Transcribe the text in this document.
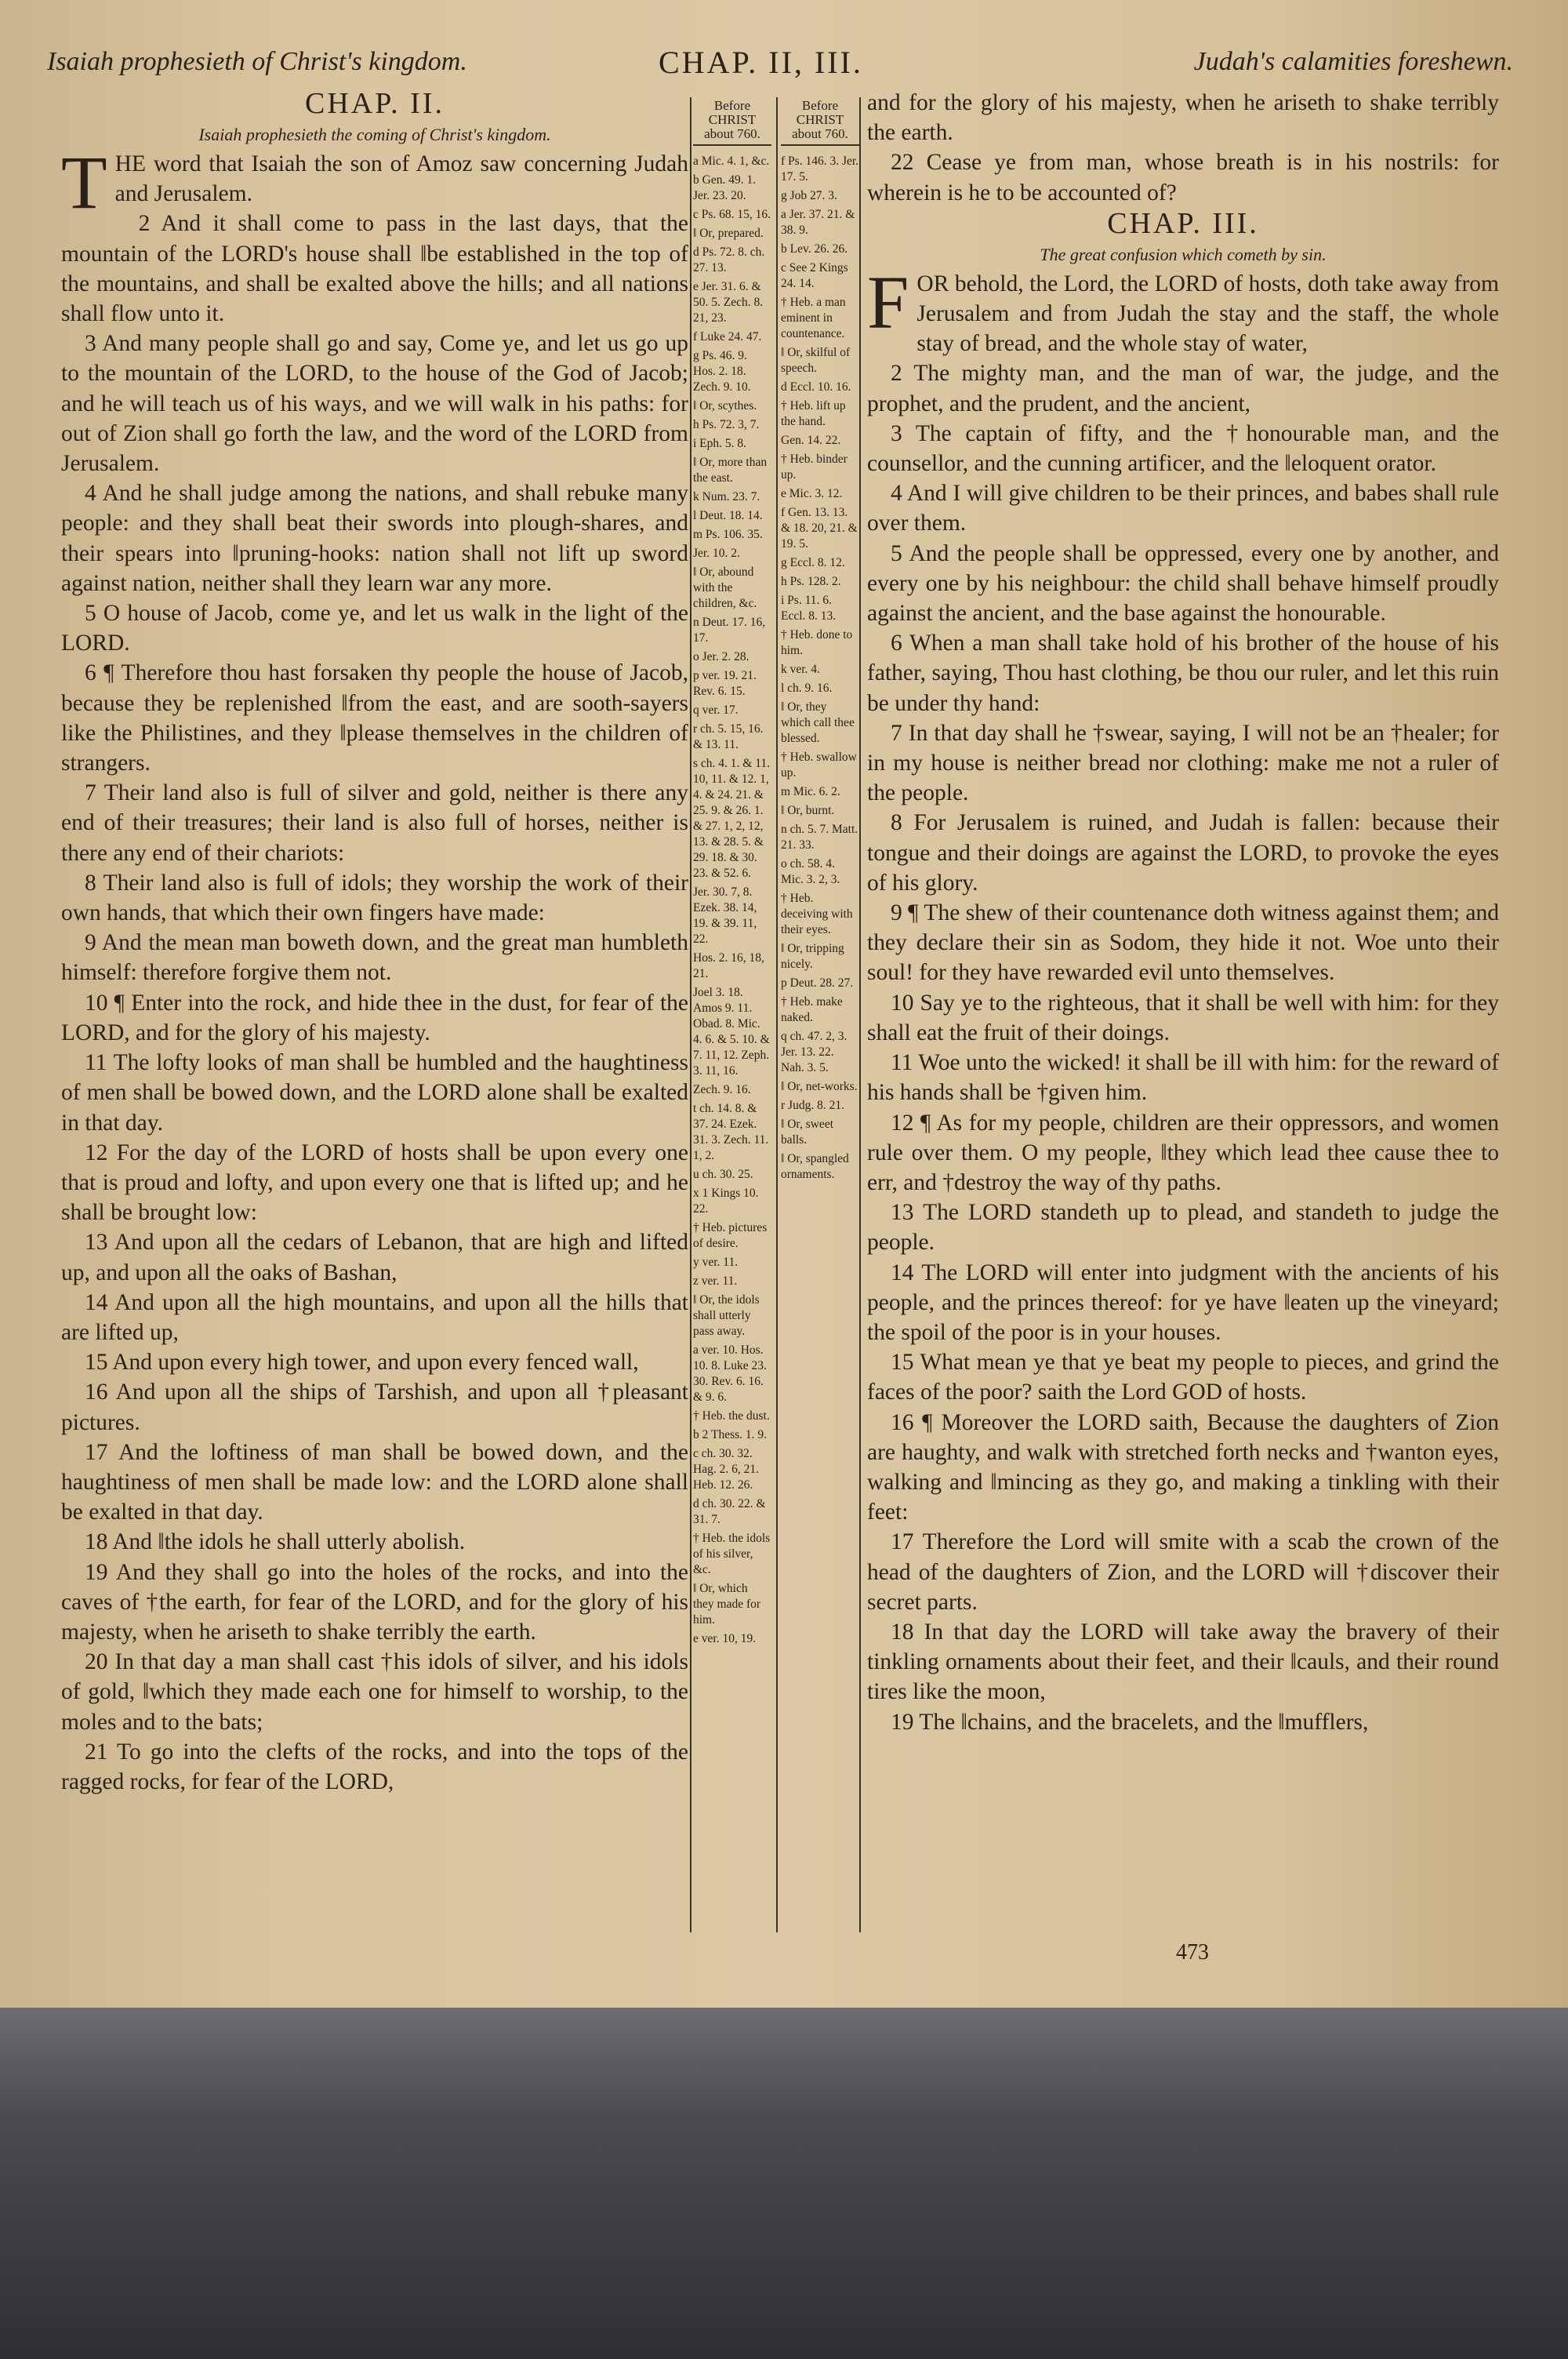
Isaiah prophesieth of Christ's kingdom.	CHAP. II, III.	Judah's calamities foreshewn.
CHAP. II.
Isaiah prophesieth the coming of Christ's kingdom.

THE word that Isaiah the son of Amoz saw concerning Judah and Jerusalem.

2 And it shall come to pass in the last days, that the mountain of the LORD's house shall ‖be established in the top of the mountains, and shall be exalted above the hills; and all nations shall flow unto it.

3 And many people shall go and say, Come ye, and let us go up to the mountain of the LORD, to the house of the God of Jacob; and he will teach us of his ways, and we will walk in his paths: for out of Zion shall go forth the law, and the word of the LORD from Jerusalem.

4 And he shall judge among the nations, and shall rebuke many people: and they shall beat their swords into plough-shares, and their spears into ‖pruning-hooks: nation shall not lift up sword against nation, neither shall they learn war any more.

5 O house of Jacob, come ye, and let us walk in the light of the LORD.

6 ¶ Therefore thou hast forsaken thy people the house of Jacob, because they be replenished ‖from the east, and are sooth-sayers like the Philistines, and they ‖please themselves in the children of strangers.

7 Their land also is full of silver and gold, neither is there any end of their treasures; their land is also full of horses, neither is there any end of their chariots:

8 Their land also is full of idols; they worship the work of their own hands, that which their own fingers have made:

9 And the mean man boweth down, and the great man humbleth himself: therefore forgive them not.

10 ¶ Enter into the rock, and hide thee in the dust, for fear of the LORD, and for the glory of his majesty.

11 The lofty looks of man shall be humbled and the haughtiness of men shall be bowed down, and the LORD alone shall be exalted in that day.

12 For the day of the LORD of hosts shall be upon every one that is proud and lofty, and upon every one that is lifted up; and he shall be brought low:

13 And upon all the cedars of Lebanon, that are high and lifted up, and upon all the oaks of Bashan,

14 And upon all the high mountains, and upon all the hills that are lifted up,

15 And upon every high tower, and upon every fenced wall,

16 And upon all the ships of Tarshish, and upon all †pleasant pictures.

17 And the loftiness of man shall be bowed down, and the haughtiness of men shall be made low: and the LORD alone shall be exalted in that day.

18 And ‖the idols he shall utterly abolish.

19 And they shall go into the holes of the rocks, and into the caves of †the earth, for fear of the LORD, and for the glory of his majesty, when he ariseth to shake terribly the earth.

20 In that day a man shall cast †his idols of silver, and his idols of gold, ‖which they made each one for himself to worship, to the moles and to the bats;

21 To go into the clefts of the rocks, and into the tops of the ragged rocks, for fear of the LORD,

Before CHRIST about 760.
a Mic. 4. 1, &c.
b Gen. 49. 1. Jer. 23. 20.
c Ps. 68. 15, 16.
‖ Or, prepared.
d Ps. 72. 8. ch. 27. 13.
e Jer. 31. 6. & 50. 5. Zech. 8. 21, 23.
f Luke 24. 47.
g Ps. 46. 9. Hos. 2. 18. Zech. 9. 10.
‖ Or, scythes.
h Ps. 72. 3, 7.
i Eph. 5. 8.
‖ Or, more than the east.
k Num. 23. 7.
l Deut. 18. 14.
m Ps. 106. 35.
Jer. 10. 2.
‖ Or, abound with the children, &c.
n Deut. 17. 16, 17.
o Jer. 2. 28.
p ver. 19. 21. Rev. 6. 15.
q ver. 17.
r ch. 5. 15, 16. & 13. 11.
s ch. 4. 1. & 11. 10, 11. & 12. 1, 4. & 24. 21. & 25. 9. & 26. 1. & 27. 1, 2, 12, 13. & 28. 5. & 29. 18. & 30. 23. & 52. 6.
Jer. 30. 7, 8. Ezek. 38. 14, 19. & 39. 11, 22.
Hos. 2. 16, 18, 21.
Joel 3. 18. Amos 9. 11. Obad. 8. Mic. 4. 6. & 5. 10. & 7. 11, 12. Zeph. 3. 11, 16.
Zech. 9. 16.
t ch. 14. 8. & 37. 24. Ezek. 31. 3. Zech. 11. 1, 2.
u ch. 30. 25.
x 1 Kings 10. 22.
† Heb. pictures of desire.
y ver. 11.
z ver. 11.
‖ Or, the idols shall utterly pass away.
a ver. 10. Hos. 10. 8. Luke 23. 30. Rev. 6. 16. & 9. 6.
† Heb. the dust.
b 2 Thess. 1. 9.
c ch. 30. 32. Hag. 2. 6, 21. Heb. 12. 26.
d ch. 30. 22. & 31. 7.
† Heb. the idols of his silver, &c.
‖ Or, which they made for him.
e ver. 10, 19.
Before CHRIST about 760.
f Ps. 146. 3. Jer. 17. 5.
g Job 27. 3.
a Jer. 37. 21. & 38. 9.
b Lev. 26. 26.
c See 2 Kings 24. 14.
† Heb. a man eminent in countenance.
‖ Or, skilful of speech.
d Eccl. 10. 16.
† Heb. lift up the hand.
Gen. 14. 22.
† Heb. binder up.
e Mic. 3. 12.
f Gen. 13. 13. & 18. 20, 21. & 19. 5.
g Eccl. 8. 12.
h Ps. 128. 2.
i Ps. 11. 6. Eccl. 8. 13.
† Heb. done to him.
k ver. 4.
l ch. 9. 16.
‖ Or, they which call thee blessed.
† Heb. swallow up.
m Mic. 6. 2.
‖ Or, burnt.
n ch. 5. 7. Matt. 21. 33.
o ch. 58. 4. Mic. 3. 2, 3.
† Heb. deceiving with their eyes.
‖ Or, tripping nicely.
p Deut. 28. 27.
† Heb. make naked.
q ch. 47. 2, 3. Jer. 13. 22. Nah. 3. 5.
‖ Or, net-works.
r Judg. 8. 21.
‖ Or, sweet balls.
‖ Or, spangled ornaments.

and for the glory of his majesty, when he ariseth to shake terribly the earth.

22 Cease ye from man, whose breath is in his nostrils: for wherein is he to be accounted of?

CHAP. III.
The great confusion which cometh by sin.

FOR behold, the Lord, the LORD of hosts, doth take away from Jerusalem and from Judah the stay and the staff, the whole stay of bread, and the whole stay of water,

2 The mighty man, and the man of war, the judge, and the prophet, and the prudent, and the ancient,

3 The captain of fifty, and the †honourable man, and the counsellor, and the cunning artificer, and the ‖eloquent orator.

4 And I will give children to be their princes, and babes shall rule over them.

5 And the people shall be oppressed, every one by another, and every one by his neighbour: the child shall behave himself proudly against the ancient, and the base against the honourable.

6 When a man shall take hold of his brother of the house of his father, saying, Thou hast clothing, be thou our ruler, and let this ruin be under thy hand:

7 In that day shall he †swear, saying, I will not be an †healer; for in my house is neither bread nor clothing: make me not a ruler of the people.

8 For Jerusalem is ruined, and Judah is fallen: because their tongue and their doings are against the LORD, to provoke the eyes of his glory.

9 ¶ The shew of their countenance doth witness against them; and they declare their sin as Sodom, they hide it not. Woe unto their soul! for they have rewarded evil unto themselves.

10 Say ye to the righteous, that it shall be well with him: for they shall eat the fruit of their doings.

11 Woe unto the wicked! it shall be ill with him: for the reward of his hands shall be †given him.

12 ¶ As for my people, children are their oppressors, and women rule over them. O my people, ‖they which lead thee cause thee to err, and †destroy the way of thy paths.

13 The LORD standeth up to plead, and standeth to judge the people.

14 The LORD will enter into judgment with the ancients of his people, and the princes thereof: for ye have ‖eaten up the vineyard; the spoil of the poor is in your houses.

15 What mean ye that ye beat my people to pieces, and grind the faces of the poor? saith the Lord GOD of hosts.

16 ¶ Moreover the LORD saith, Because the daughters of Zion are haughty, and walk with stretched forth necks and †wanton eyes, walking and ‖mincing as they go, and making a tinkling with their feet:

17 Therefore the Lord will smite with a scab the crown of the head of the daughters of Zion, and the LORD will †discover their secret parts.

18 In that day the LORD will take away the bravery of their tinkling ornaments about their feet, and their ‖cauls, and their round tires like the moon,

19 The ‖chains, and the bracelets, and the ‖mufflers,

473
